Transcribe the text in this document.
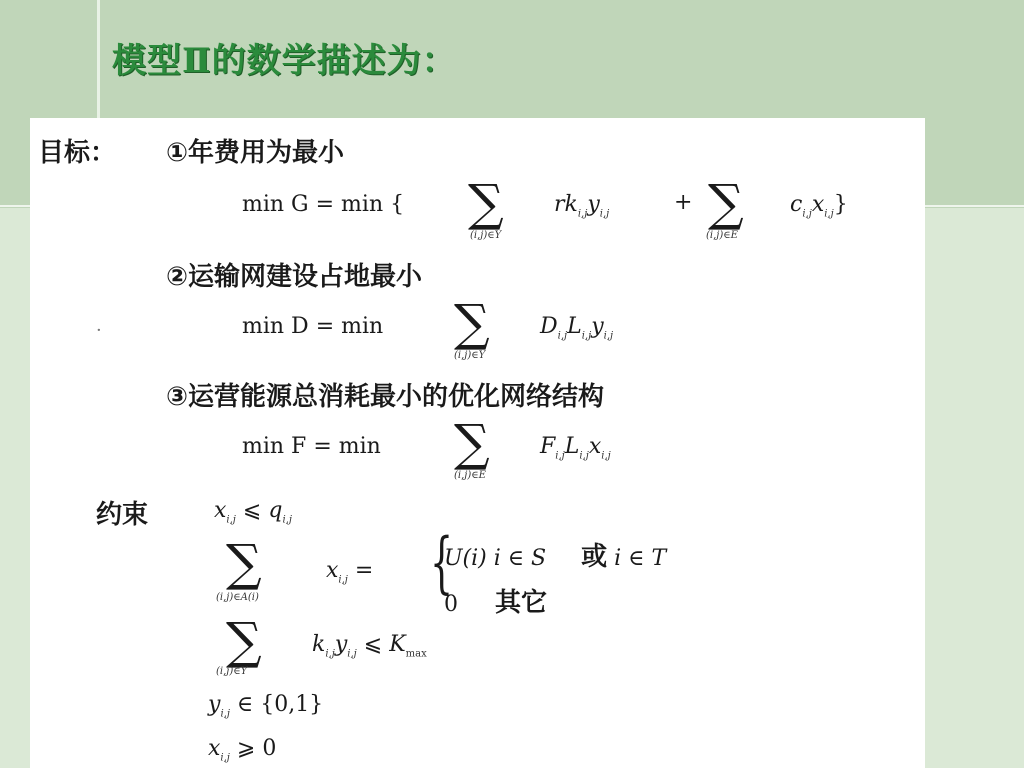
模型Ⅱ的数学描述为：
目标： ①年费用为最小
min G = min { ∑
(i,j)∈Y
$rk_{i,j}y_{i,j}$	+ ∑
(i,j)∈E
$c_{i,j}x_{i,j}$}
②运输网建设占地最小
·	min D = min ∑
(i,j)∈Y
$D_{i,j}L_{i,j}y_{i,j}$
③运营能源总消耗最小的优化网络结构
min F = min ∑
(i,j)∈E
$F_{i,j}L_{i,j}x_{i,j}$
约束	$x_{i,j}$ ⩽ $q_{i,j}$
∑
(i,j)∈A(i)
$x_{i,j}$ = {
U(i) i ∈ S 或 i ∈ T
0 其它
∑
(i,j)∈Y
$k_{i,j}y_{i,j}$ ⩽ $K_{max}$
$y_{i,j}$ ∈ {0,1}
$x_{i,j}$ ⩾ 0
